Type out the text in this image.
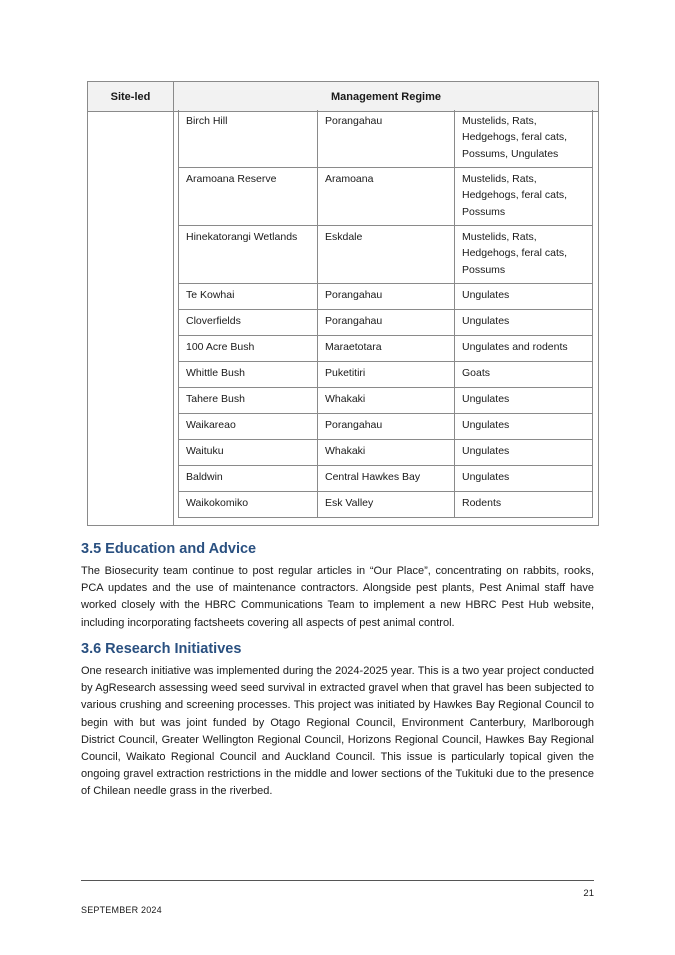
Site-led	Management Regime
Birch Hill	Porangahau	Mustelids, Rats, Hedgehogs, feral cats, Possums, Ungulates
Aramoana Reserve	Aramoana	Mustelids, Rats, Hedgehogs, feral cats, Possums
Hinekatorangi Wetlands	Eskdale	Mustelids, Rats, Hedgehogs, feral cats, Possums
Te Kowhai	Porangahau	Ungulates
Cloverfields	Porangahau	Ungulates
100 Acre Bush	Maraetotara	Ungulates and rodents
Whittle Bush	Puketitiri	Goats
Tahere Bush	Whakaki	Ungulates
Waikareao	Porangahau	Ungulates
Waituku	Whakaki	Ungulates
Baldwin	Central Hawkes Bay	Ungulates
Waikokomiko	Esk Valley	Rodents
3.5 Education and Advice

The Biosecurity team continue to post regular articles in “Our Place”, concentrating on rabbits, rooks, PCA updates and the use of maintenance contractors. Alongside pest plants, Pest Animal staff have worked closely with the HBRC Communications Team to implement a new HBRC Pest Hub website, including incorporating factsheets covering all aspects of pest animal control.

3.6 Research Initiatives

One research initiative was implemented during the 2024-2025 year. This is a two year project conducted by AgResearch assessing weed seed survival in extracted gravel when that gravel has been subjected to various crushing and screening processes. This project was initiated by Hawkes Bay Regional Council to begin with but was joint funded by Otago Regional Council, Environment Canterbury, Marlborough District Council, Greater Wellington Regional Council, Horizons Regional Council, Hawkes Bay Regional Council, Waikato Regional Council and Auckland Council. This issue is particularly topical given the ongoing gravel extraction restrictions in the middle and lower sections of the Tukituki due to the presence of Chilean needle grass in the riverbed.

21
SEPTEMBER 2024
